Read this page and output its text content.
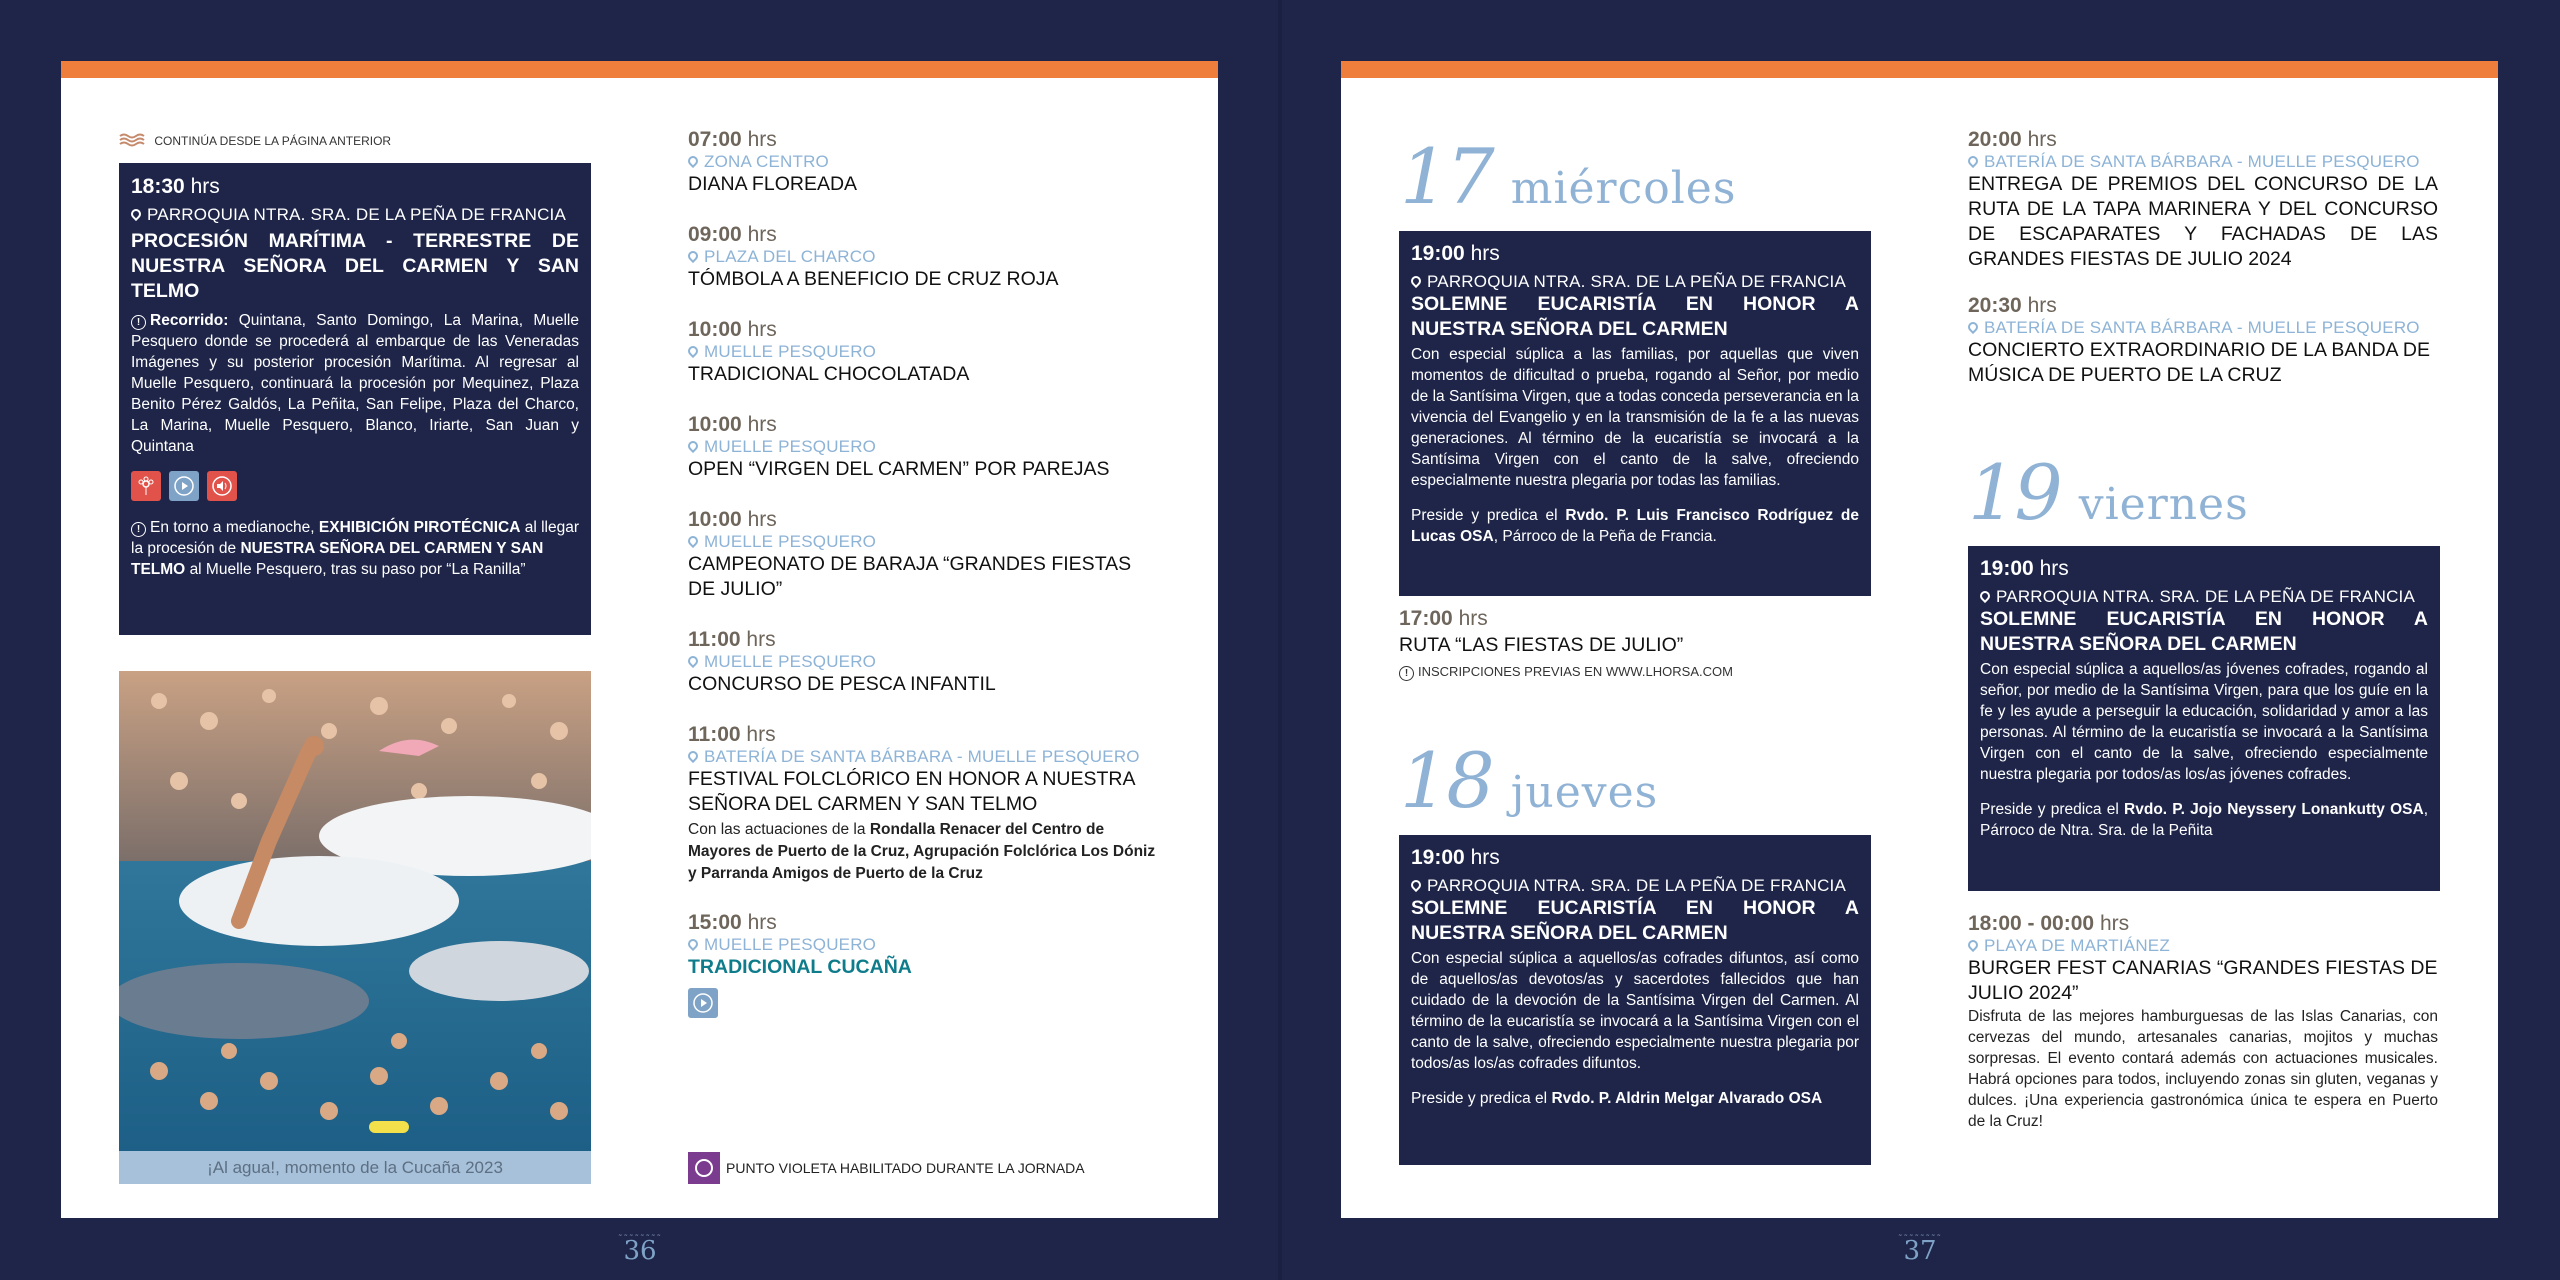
CONTINÚA DESDE LA PÁGINA ANTERIOR
18:30 hrs
PARROQUIA NTRA. SRA. DE LA PEÑA DE FRANCIA
PROCESIÓN MARÍTIMA - TERRESTRE DE NUESTRA SEÑORA DEL CARMEN Y SAN TELMO
! Recorrido: Quintana, Santo Domingo, La Marina, Muelle Pesquero donde se procederá al embarque de las Veneradas Imágenes y su posterior procesión Marítima. Al regresar al Muelle Pesquero, continuará la procesión por Mequinez, Plaza Benito Pérez Galdós, La Peñita, San Felipe, Plaza del Charco, La Marina, Muelle Pesquero, Blanco, Iriarte, San Juan y Quintana
! En torno a medianoche, EXHIBICIÓN PIROTÉCNICA al llegar la procesión de NUESTRA SEÑORA DEL CARMEN Y SAN TELMO al Muelle Pesquero, tras su paso por “La Ranilla”
¡Al agua!, momento de la Cucaña 2023
07:00 hrs
ZONA CENTRO
DIANA FLOREADA
09:00 hrs
PLAZA DEL CHARCO
TÓMBOLA A BENEFICIO DE CRUZ ROJA
10:00 hrs
MUELLE PESQUERO
TRADICIONAL CHOCOLATADA
10:00 hrs
MUELLE PESQUERO
OPEN “VIRGEN DEL CARMEN” POR PAREJAS
10:00 hrs
MUELLE PESQUERO
CAMPEONATO DE BARAJA “GRANDES FIESTAS DE JULIO”
11:00 hrs
MUELLE PESQUERO
CONCURSO DE PESCA INFANTIL
11:00 hrs
BATERÍA DE SANTA BÁRBARA - MUELLE PESQUERO
FESTIVAL FOLCLÓRICO EN HONOR A NUESTRA SEÑORA DEL CARMEN Y SAN TELMO
Con las actuaciones de la Rondalla Renacer del Centro de Mayores de Puerto de la Cruz, Agrupación Folclórica Los Dóniz y Parranda Amigos de Puerto de la Cruz
15:00 hrs
MUELLE PESQUERO
TRADICIONAL CUCAÑA
PUNTO VIOLETA HABILITADO DURANTE LA JORNADA
˷˷˷˷˷˷˷˷
36
17 miércoles
19:00 hrs
PARROQUIA NTRA. SRA. DE LA PEÑA DE FRANCIA
SOLEMNE EUCARISTÍA EN HONOR A NUESTRA SEÑORA DEL CARMEN
Con especial súplica a las familias, por aquellas que viven momentos de dificultad o prueba, rogando al Señor, por medio de la Santísima Virgen, que a todas conceda perseverancia en la vivencia del Evangelio y en la transmisión de la fe a las nuevas generaciones. Al término de la eucaristía se invocará a la Santísima Virgen con el canto de la salve, ofreciendo especialmente nuestra plegaria por todas las familias.
Preside y predica el Rvdo. P. Luis Francisco Rodríguez de Lucas OSA, Párroco de la Peña de Francia.
17:00 hrs
RUTA “LAS FIESTAS DE JULIO”
! INSCRIPCIONES PREVIAS EN WWW.LHORSA.COM
18 jueves
19:00 hrs
PARROQUIA NTRA. SRA. DE LA PEÑA DE FRANCIA
SOLEMNE EUCARISTÍA EN HONOR A NUESTRA SEÑORA DEL CARMEN
Con especial súplica a aquellos/as cofrades difuntos, así como de aquellos/as devotos/as y sacerdotes fallecidos que han cuidado de la devoción de la Santísima Virgen del Carmen. Al término de la eucaristía se invocará a la Santísima Virgen con el canto de la salve, ofreciendo especialmente nuestra plegaria por todos/as los/as cofrades difuntos.
Preside y predica el Rvdo. P. Aldrin Melgar Alvarado OSA
20:00 hrs
BATERÍA DE SANTA BÁRBARA - MUELLE PESQUERO
ENTREGA DE PREMIOS DEL CONCURSO DE LA RUTA DE LA TAPA MARINERA Y DEL CONCURSO DE ESCAPARATES Y FACHADAS DE LAS GRANDES FIESTAS DE JULIO 2024
20:30 hrs
BATERÍA DE SANTA BÁRBARA - MUELLE PESQUERO
CONCIERTO EXTRAORDINARIO DE LA BANDA DE MÚSICA DE PUERTO DE LA CRUZ
19 viernes
19:00 hrs
PARROQUIA NTRA. SRA. DE LA PEÑA DE FRANCIA
SOLEMNE EUCARISTÍA EN HONOR A NUESTRA SEÑORA DEL CARMEN
Con especial súplica a aquellos/as jóvenes cofrades, rogando al señor, por medio de la Santísima Virgen, para que los guíe en la fe y les ayude a perseguir la educación, solidaridad y amor a las personas. Al término de la eucaristía se invocará a la Santísima Virgen con el canto de la salve, ofreciendo especialmente nuestra plegaria por todos/as los/as jóvenes cofrades.
Preside y predica el Rvdo. P. Jojo Neyssery Lonankutty OSA, Párroco de Ntra. Sra. de la Peñita
18:00 - 00:00 hrs
PLAYA DE MARTIÁNEZ
BURGER FEST CANARIAS “GRANDES FIESTAS DE JULIO 2024”
Disfruta de las mejores hamburguesas de las Islas Canarias, con cervezas del mundo, artesanales canarias, mojitos y muchas sorpresas. El evento contará además con actuaciones musicales. Habrá opciones para todos, incluyendo zonas sin gluten, veganas y dulces. ¡Una experiencia gastronómica única te espera en Puerto de la Cruz!
˷˷˷˷˷˷˷˷
37
